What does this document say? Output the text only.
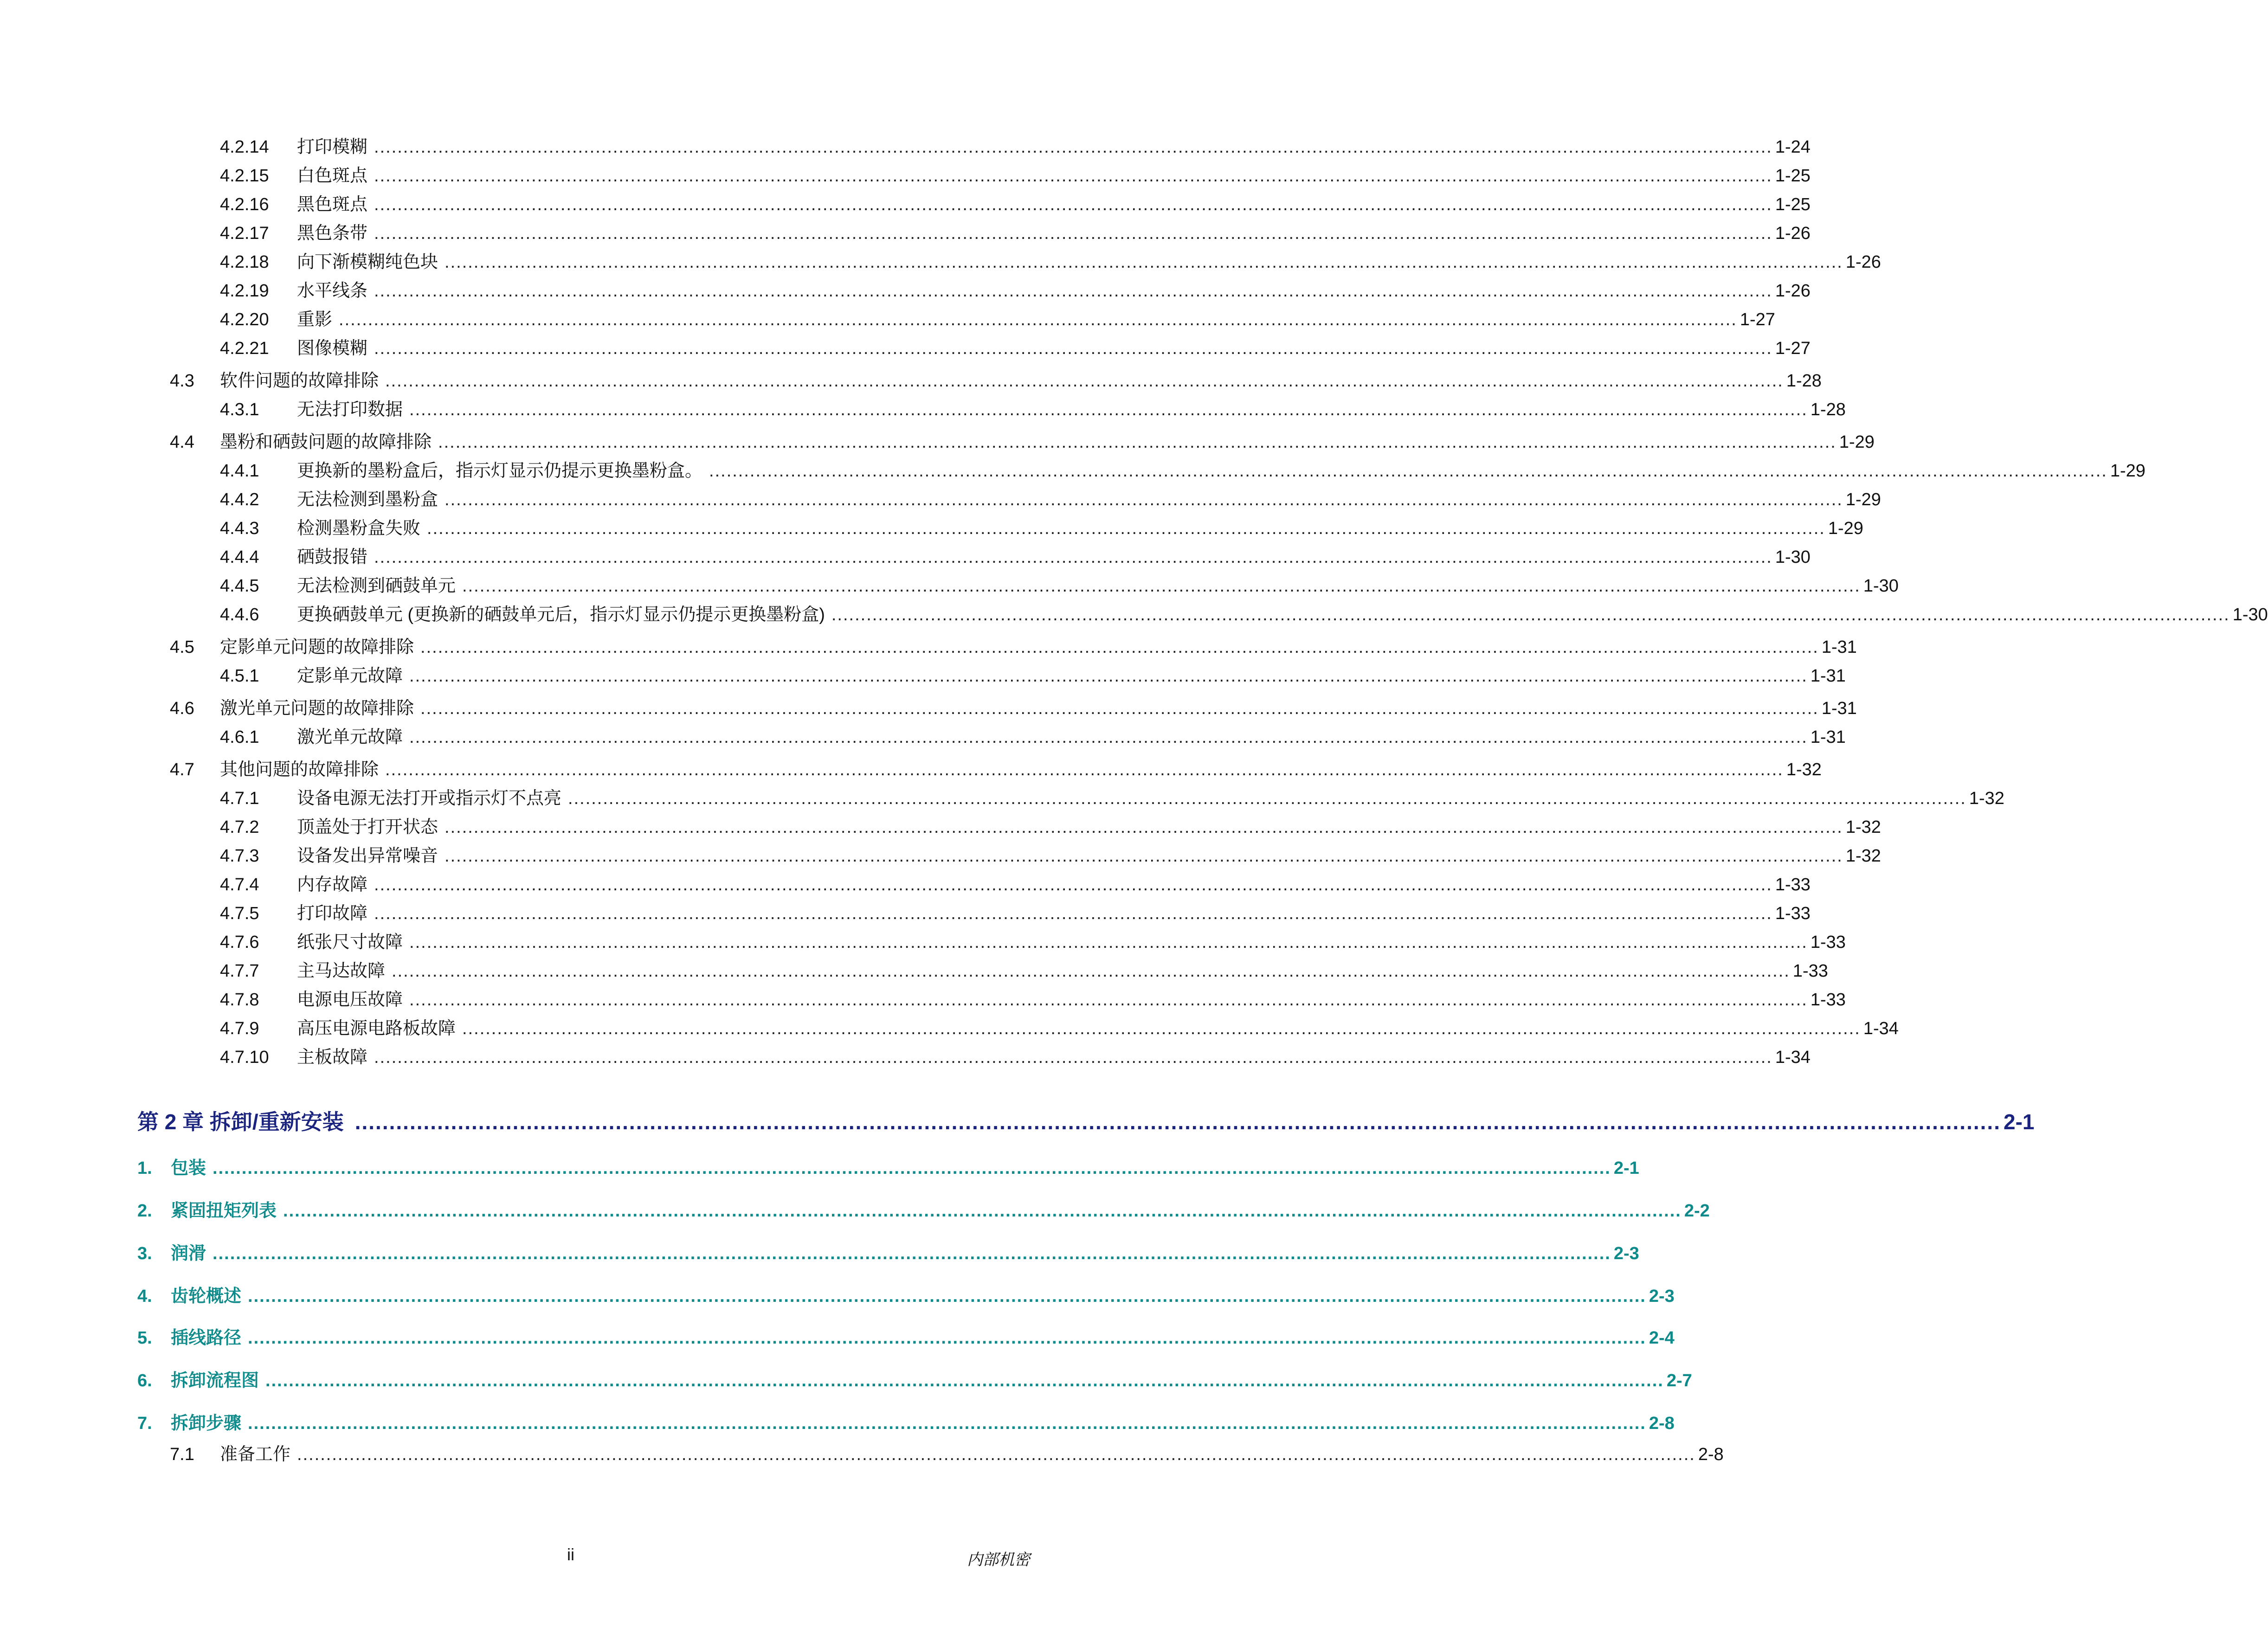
4.2.14	打印模糊 ................................................................................................................................................................................................................................................ 1-24
4.2.15	白色斑点 ................................................................................................................................................................................................................................................ 1-25
4.2.16	黑色斑点 ................................................................................................................................................................................................................................................ 1-25
4.2.17	黑色条带 ................................................................................................................................................................................................................................................ 1-26
4.2.18	向下渐模糊纯色块 ................................................................................................................................................................................................................................................ 1-26
4.2.19	水平线条 ................................................................................................................................................................................................................................................ 1-26
4.2.20	重影 ................................................................................................................................................................................................................................................ 1-27
4.2.21	图像模糊 ................................................................................................................................................................................................................................................ 1-27
4.3	软件问题的故障排除 ................................................................................................................................................................................................................................................ 1-28
4.3.1	无法打印数据 ................................................................................................................................................................................................................................................ 1-28
4.4	墨粉和硒鼓问题的故障排除 ................................................................................................................................................................................................................................................ 1-29
4.4.1	更换新的墨粉盒后，指示灯显示仍提示更换墨粉盒。 ................................................................................................................................................................................................................................................ 1-29
4.4.2	无法检测到墨粉盒 ................................................................................................................................................................................................................................................ 1-29
4.4.3	检测墨粉盒失败 ................................................................................................................................................................................................................................................ 1-29
4.4.4	硒鼓报错 ................................................................................................................................................................................................................................................ 1-30
4.4.5	无法检测到硒鼓单元 ................................................................................................................................................................................................................................................ 1-30
4.4.6	更换硒鼓单元 (更换新的硒鼓单元后，指示灯显示仍提示更换墨粉盒) ................................................................................................................................................................................................................................................ 1-30
4.5	定影单元问题的故障排除 ................................................................................................................................................................................................................................................ 1-31
4.5.1	定影单元故障 ................................................................................................................................................................................................................................................ 1-31
4.6	激光单元问题的故障排除 ................................................................................................................................................................................................................................................ 1-31
4.6.1	激光单元故障 ................................................................................................................................................................................................................................................ 1-31
4.7	其他问题的故障排除 ................................................................................................................................................................................................................................................ 1-32
4.7.1	设备电源无法打开或指示灯不点亮 ................................................................................................................................................................................................................................................ 1-32
4.7.2	顶盖处于打开状态 ................................................................................................................................................................................................................................................ 1-32
4.7.3	设备发出异常噪音 ................................................................................................................................................................................................................................................ 1-32
4.7.4	内存故障 ................................................................................................................................................................................................................................................ 1-33
4.7.5	打印故障 ................................................................................................................................................................................................................................................ 1-33
4.7.6	纸张尺寸故障 ................................................................................................................................................................................................................................................ 1-33
4.7.7	主马达故障 ................................................................................................................................................................................................................................................ 1-33
4.7.8	电源电压故障 ................................................................................................................................................................................................................................................ 1-33
4.7.9	高压电源电路板故障 ................................................................................................................................................................................................................................................ 1-34
4.7.10	主板故障 ................................................................................................................................................................................................................................................ 1-34
第 2 章 拆卸/重新安装 ................................................................................................................................................................................................................................................ 2-1
1.	包装 ................................................................................................................................................................................................................................................ 2-1
2.	紧固扭矩列表 ................................................................................................................................................................................................................................................ 2-2
3.	润滑 ................................................................................................................................................................................................................................................ 2-3
4.	齿轮概述 ................................................................................................................................................................................................................................................ 2-3
5.	插线路径 ................................................................................................................................................................................................................................................ 2-4
6.	拆卸流程图 ................................................................................................................................................................................................................................................ 2-7
7.	拆卸步骤 ................................................................................................................................................................................................................................................ 2-8
7.1	准备工作 ................................................................................................................................................................................................................................................ 2-8
ii	内部机密
